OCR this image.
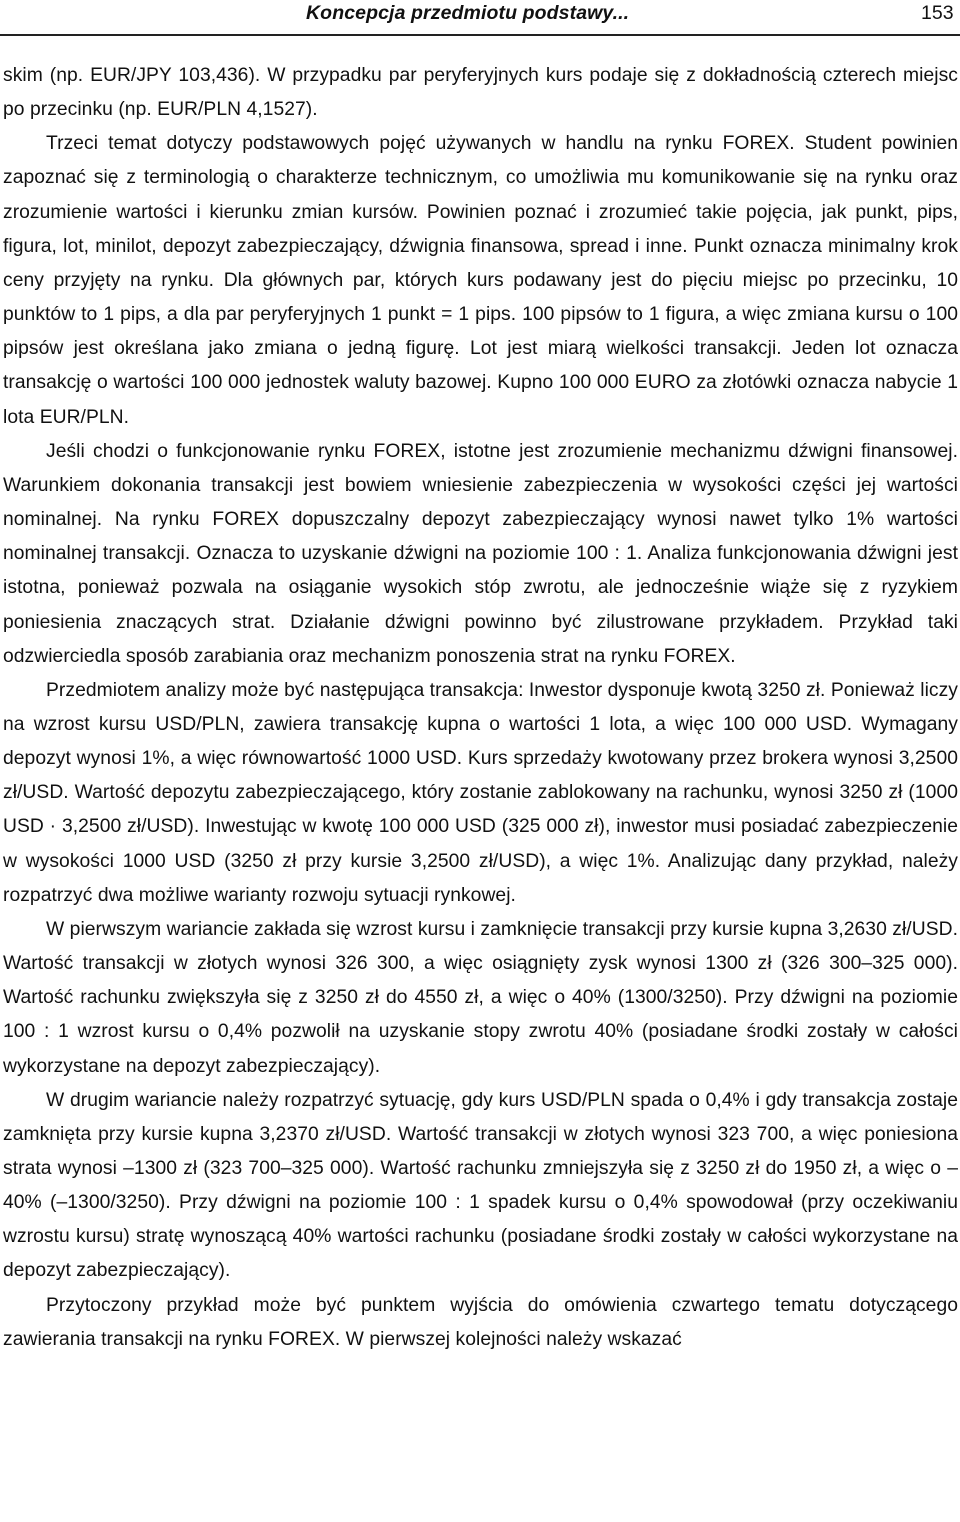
Koncepcja przedmiotu podstawy...	153

skim (np. EUR/JPY 103,436). W przypadku par peryferyjnych kurs podaje się z dokładnością czterech miejsc po przecinku (np. EUR/PLN 4,1527).

Trzeci temat dotyczy podstawowych pojęć używanych w handlu na rynku FOREX. Student powinien zapoznać się z terminologią o charakterze technicznym, co umożliwia mu komunikowanie się na rynku oraz zrozumienie wartości i kierunku zmian kursów. Powinien poznać i zrozumieć takie pojęcia, jak punkt, pips, figura, lot, minilot, depozyt zabezpieczający, dźwignia finansowa, spread i inne. Punkt oznacza minimalny krok ceny przyjęty na rynku. Dla głównych par, których kurs podawany jest do pięciu miejsc po przecinku, 10 punktów to 1 pips, a dla par peryferyjnych 1 punkt = 1 pips. 100 pipsów to 1 figura, a więc zmiana kursu o 100 pipsów jest określana jako zmiana o jedną figurę. Lot jest miarą wielkości transakcji. Jeden lot oznacza transakcję o wartości 100 000 jednostek waluty bazowej. Kupno 100 000 EURO za złotówki oznacza nabycie 1 lota EUR/PLN.

Jeśli chodzi o funkcjonowanie rynku FOREX, istotne jest zrozumienie mechanizmu dźwigni finansowej. Warunkiem dokonania transakcji jest bowiem wniesienie zabezpieczenia w wysokości części jej wartości nominalnej. Na rynku FOREX dopuszczalny depozyt zabezpieczający wynosi nawet tylko 1% wartości nominalnej transakcji. Oznacza to uzyskanie dźwigni na poziomie 100 : 1. Analiza funkcjonowania dźwigni jest istotna, ponieważ pozwala na osiąganie wysokich stóp zwrotu, ale jednocześnie wiąże się z ryzykiem poniesienia znaczących strat. Działanie dźwigni powinno być zilustrowane przykładem. Przykład taki odzwierciedla sposób zarabiania oraz mechanizm ponoszenia strat na rynku FOREX.

Przedmiotem analizy może być następująca transakcja: Inwestor dysponuje kwotą 3250 zł. Ponieważ liczy na wzrost kursu USD/PLN, zawiera transakcję kupna o wartości 1 lota, a więc 100 000 USD. Wymagany depozyt wynosi 1%, a więc równowartość 1000 USD. Kurs sprzedaży kwotowany przez brokera wynosi 3,2500 zł/USD. Wartość depozytu zabezpieczającego, który zostanie zablokowany na rachunku, wynosi 3250 zł (1000 USD · 3,2500 zł/USD). Inwestując w kwotę 100 000 USD (325 000 zł), inwestor musi posiadać zabezpieczenie w wysokości 1000 USD (3250 zł przy kursie 3,2500 zł/USD), a więc 1%. Analizując dany przykład, należy rozpatrzyć dwa możliwe warianty rozwoju sytuacji rynkowej.

W pierwszym wariancie zakłada się wzrost kursu i zamknięcie transakcji przy kursie kupna 3,2630 zł/USD. Wartość transakcji w złotych wynosi 326 300, a więc osiągnięty zysk wynosi 1300 zł (326 300–325 000). Wartość rachunku zwiększyła się z 3250 zł do 4550 zł, a więc o 40% (1300/3250). Przy dźwigni na poziomie 100 : 1 wzrost kursu o 0,4% pozwolił na uzyskanie stopy zwrotu 40% (posiadane środki zostały w całości wykorzystane na depozyt zabezpieczający).

W drugim wariancie należy rozpatrzyć sytuację, gdy kurs USD/PLN spada o 0,4% i gdy transakcja zostaje zamknięta przy kursie kupna 3,2370 zł/USD. Wartość transakcji w złotych wynosi 323 700, a więc poniesiona strata wynosi –1300 zł (323 700–325 000). Wartość rachunku zmniejszyła się z 3250 zł do 1950 zł, a więc o –40% (–1300/3250). Przy dźwigni na poziomie 100 : 1 spadek kursu o 0,4% spowodował (przy oczekiwaniu wzrostu kursu) stratę wynoszącą 40% wartości rachunku (posiadane środki zostały w całości wykorzystane na depozyt zabezpieczający).

Przytoczony przykład może być punktem wyjścia do omówienia czwartego tematu dotyczącego zawierania transakcji na rynku FOREX. W pierwszej kolejności należy wskazać
